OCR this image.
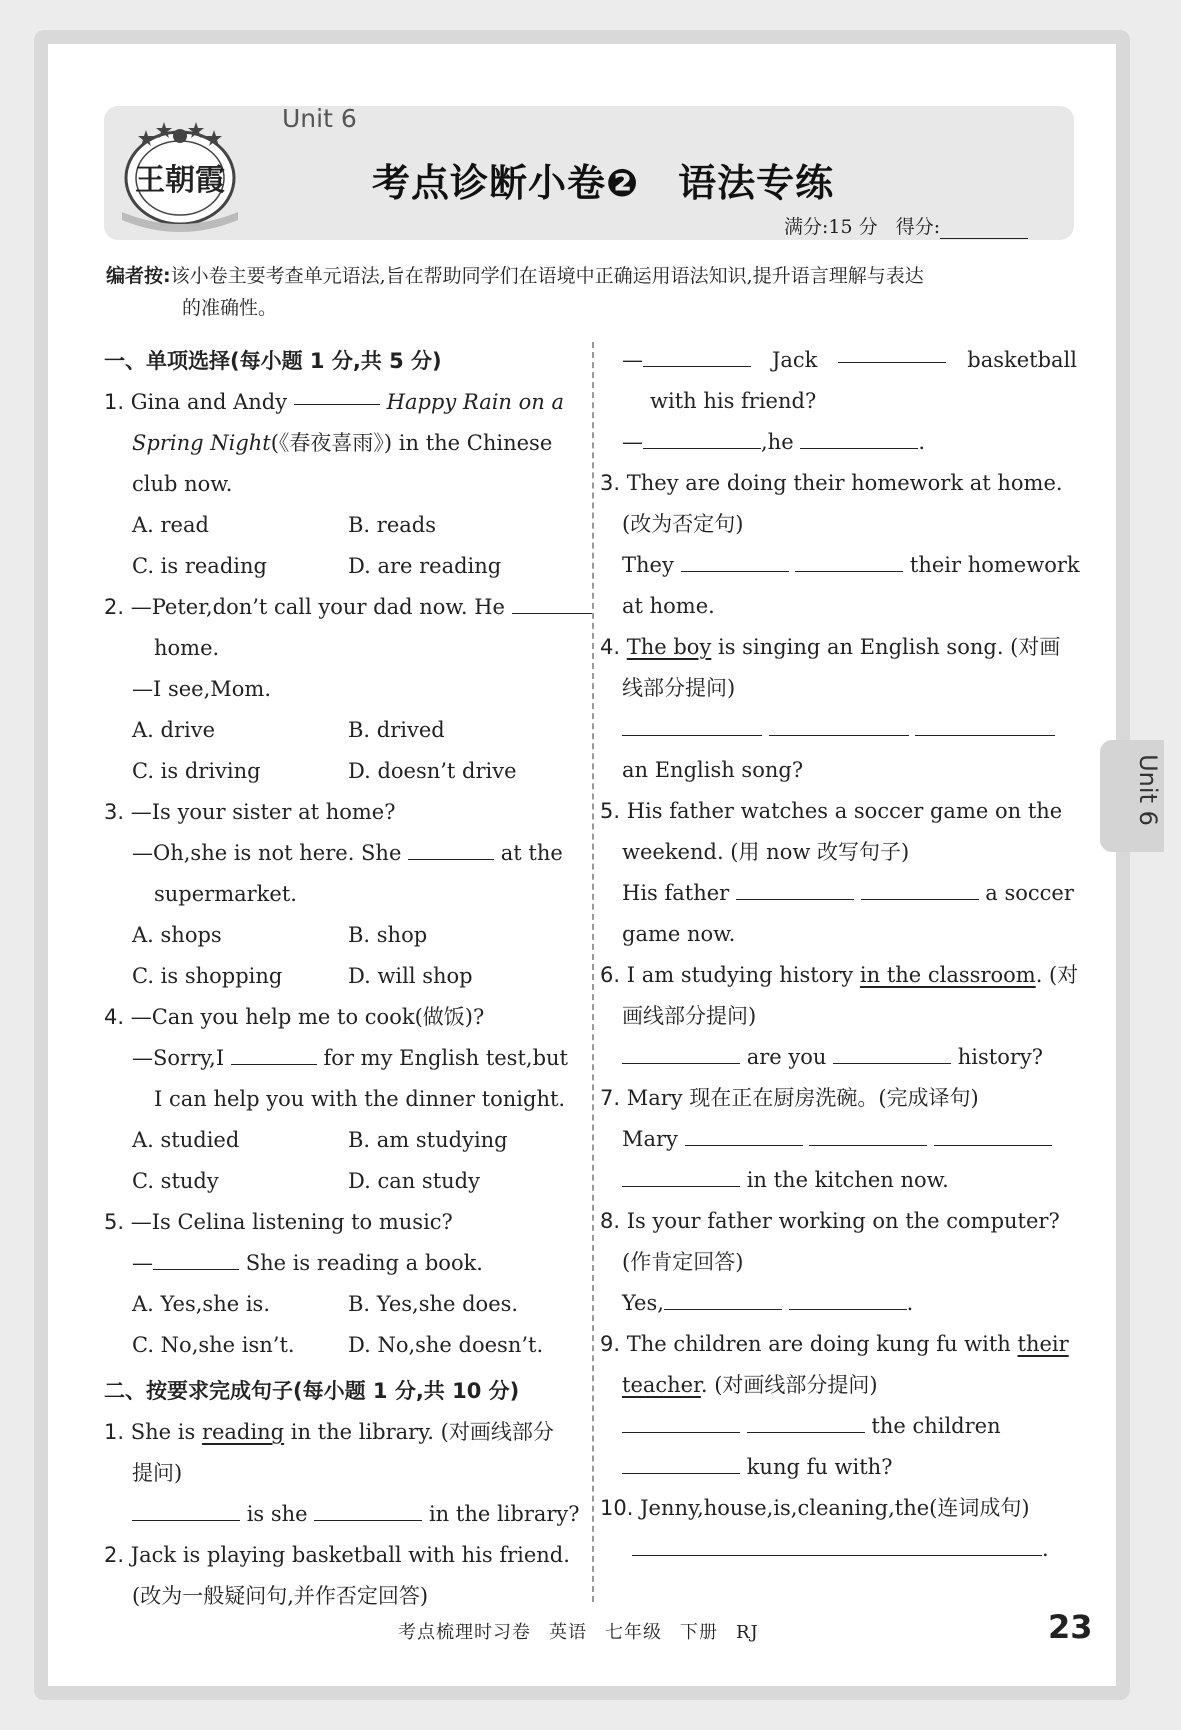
王朝霞
Unit 6
考点诊断小卷❷　语法专练
满分:15 分 得分:
编者按:该小卷主要考查单元语法,旨在帮助同学们在语境中正确运用语法知识,提升语言理解与表达
的准确性。
一、单项选择(每小题 1 分,共 5 分)
1. Gina and Andy	Happy Rain on a
Spring Night(《春夜喜雨》) in the Chinese
club now.
A. read	B. reads
C. is reading	D. are reading
2. —Peter,don’t call your dad now. He
home.
—I see,Mom.
A. drive	B. drived
C. is driving	D. doesn’t drive
3. —Is your sister at home?
—Oh,she is not here. She	at the
supermarket.
A. shops	B. shop
C. is shopping	D. will shop
4. —Can you help me to cook(做饭)?
—Sorry,I	for my English test,but
I can help you with the dinner tonight.
A. studied	B. am studying
C. study	D. can study
5. —Is Celina listening to music?
—	She is reading a book.
A. Yes,she is.	B. Yes,she does.
C. No,she isn’t.	D. No,she doesn’t.
二、按要求完成句子(每小题 1 分,共 10 分)
1. She is reading in the library. (对画线部分
提问)
is she	in the library?
2. Jack is playing basketball with his friend.
(改为一般疑问句,并作否定回答)
—	Jack	basketball
with his friend?
—	,he	.
3. They are doing their homework at home.
(改为否定句)
They	their homework
at home.
4. The boy is singing an English song. (对画
线部分提问)

an English song?
5. His father watches a soccer game on the
weekend. (用 now 改写句子)
His father	a soccer
game now.
6. I am studying history in the classroom. (对
画线部分提问)
are you	history?
7. Mary 现在正在厨房洗碗。(完成译句)
Mary
in the kitchen now.
8. Is your father working on the computer?
(作肯定回答)
Yes,	.
9. The children are doing kung fu with their
teacher. (对画线部分提问)
the children
kung fu with?
10. Jenny,house,is,cleaning,the(连词成句)
.
Unit 6
考点梳理时习卷 英语 七年级 下册 RJ	23
